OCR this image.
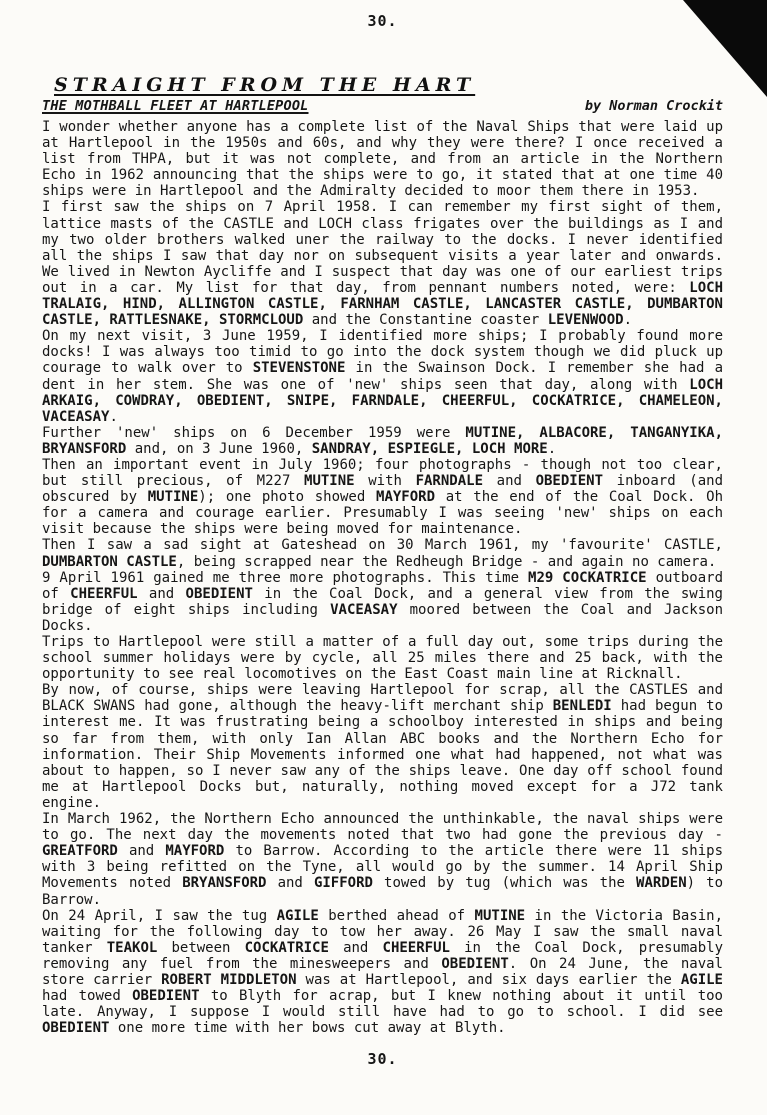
30.
STRAIGHT FROM THE HART
THE MOTHBALL FLEET AT HARTLEPOOL	by Norman Crockit

I wonder whether anyone has a complete list of the Naval Ships that were laid up at Hartlepool in the 1950s and 60s, and why they were there? I once received a list from THPA, but it was not complete, and from an article in the Northern Echo in 1962 announcing that the ships were to go, it stated that at one time 40 ships were in Hartlepool and the Admiralty decided to moor them there in 1953.

I first saw the ships on 7 April 1958. I can remember my first sight of them, lattice masts of the CASTLE and LOCH class frigates over the buildings as I and my two older brothers walked uner the railway to the docks. I never identified all the ships I saw that day nor on subsequent visits a year later and onwards. We lived in Newton Aycliffe and I suspect that day was one of our earliest trips out in a car. My list for that day, from pennant numbers noted, were: LOCH TRALAIG, HIND, ALLINGTON CASTLE, FARNHAM CASTLE, LANCASTER CASTLE, DUMBARTON CASTLE, RATTLESNAKE, STORMCLOUD and the Constantine coaster LEVENWOOD.

On my next visit, 3 June 1959, I identified more ships; I probably found more docks! I was always too timid to go into the dock system though we did pluck up courage to walk over to STEVENSTONE in the Swainson Dock. I remember she had a dent in her stem. She was one of 'new' ships seen that day, along with LOCH ARKAIG, COWDRAY, OBEDIENT, SNIPE, FARNDALE, CHEERFUL, COCKATRICE, CHAMELEON, VACEASAY.

Further 'new' ships on 6 December 1959 were MUTINE, ALBACORE, TANGANYIKA, BRYANSFORD and, on 3 June 1960, SANDRAY, ESPIEGLE, LOCH MORE.

Then an important event in July 1960; four photographs - though not too clear, but still precious, of M227 MUTINE with FARNDALE and OBEDIENT inboard (and obscured by MUTINE); one photo showed MAYFORD at the end of the Coal Dock. Oh for a camera and courage earlier. Presumably I was seeing 'new' ships on each visit because the ships were being moved for maintenance.

Then I saw a sad sight at Gateshead on 30 March 1961, my 'favourite' CASTLE, DUMBARTON CASTLE, being scrapped near the Redheugh Bridge - and again no camera.

9 April 1961 gained me three more photographs. This time M29 COCKATRICE outboard of CHEERFUL and OBEDIENT in the Coal Dock, and a general view from the swing bridge of eight ships including VACEASAY moored between the Coal and Jackson Docks.

Trips to Hartlepool were still a matter of a full day out, some trips during the school summer holidays were by cycle, all 25 miles there and 25 back, with the opportunity to see real locomotives on the East Coast main line at Ricknall.

By now, of course, ships were leaving Hartlepool for scrap, all the CASTLES and BLACK SWANS had gone, although the heavy-lift merchant ship BENLEDI had begun to interest me. It was frustrating being a schoolboy interested in ships and being so far from them, with only Ian Allan ABC books and the Northern Echo for information. Their Ship Movements informed one what had happened, not what was about to happen, so I never saw any of the ships leave. One day off school found me at Hartlepool Docks but, naturally, nothing moved except for a J72 tank engine.

In March 1962, the Northern Echo announced the unthinkable, the naval ships were to go. The next day the movements noted that two had gone the previous day - GREATFORD and MAYFORD to Barrow. According to the article there were 11 ships with 3 being refitted on the Tyne, all would go by the summer. 14 April Ship Movements noted BRYANSFORD and GIFFORD towed by tug (which was the WARDEN) to Barrow.

On 24 April, I saw the tug AGILE berthed ahead of MUTINE in the Victoria Basin, waiting for the following day to tow her away. 26 May I saw the small naval tanker TEAKOL between COCKATRICE and CHEERFUL in the Coal Dock, presumably removing any fuel from the minesweepers and OBEDIENT. On 24 June, the naval store carrier ROBERT MIDDLETON was at Hartlepool, and six days earlier the AGILE had towed OBEDIENT to Blyth for acrap, but I knew nothing about it until too late. Anyway, I suppose I would still have had to go to school. I did see OBEDIENT one more time with her bows cut away at Blyth.

30.
